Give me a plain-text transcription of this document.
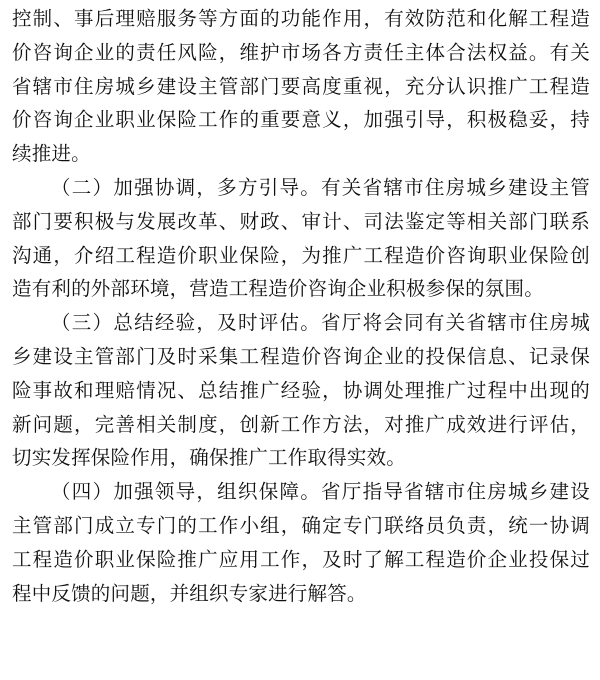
控制、事后理赔服务等方面的功能作用，有效防范和化解工程造
价咨询企业的责任风险，维护市场各方责任主体合法权益。有关
省辖市住房城乡建设主管部门要高度重视，充分认识推广工程造
价咨询企业职业保险工作的重要意义，加强引导，积极稳妥，持
续推进。
（二）加强协调，多方引导。有关省辖市住房城乡建设主管
部门要积极与发展改革、财政、审计、司法鉴定等相关部门联系
沟通，介绍工程造价职业保险，为推广工程造价咨询职业保险创
造有利的外部环境，营造工程造价咨询企业积极参保的氛围。
（三）总结经验，及时评估。省厅将会同有关省辖市住房城
乡建设主管部门及时采集工程造价咨询企业的投保信息、记录保
险事故和理赔情况、总结推广经验，协调处理推广过程中出现的
新问题，完善相关制度，创新工作方法，对推广成效进行评估，
切实发挥保险作用，确保推广工作取得实效。
（四）加强领导，组织保障。省厅指导省辖市住房城乡建设
主管部门成立专门的工作小组，确定专门联络员负责，统一协调
工程造价职业保险推广应用工作，及时了解工程造价企业投保过
程中反馈的问题，并组织专家进行解答。
